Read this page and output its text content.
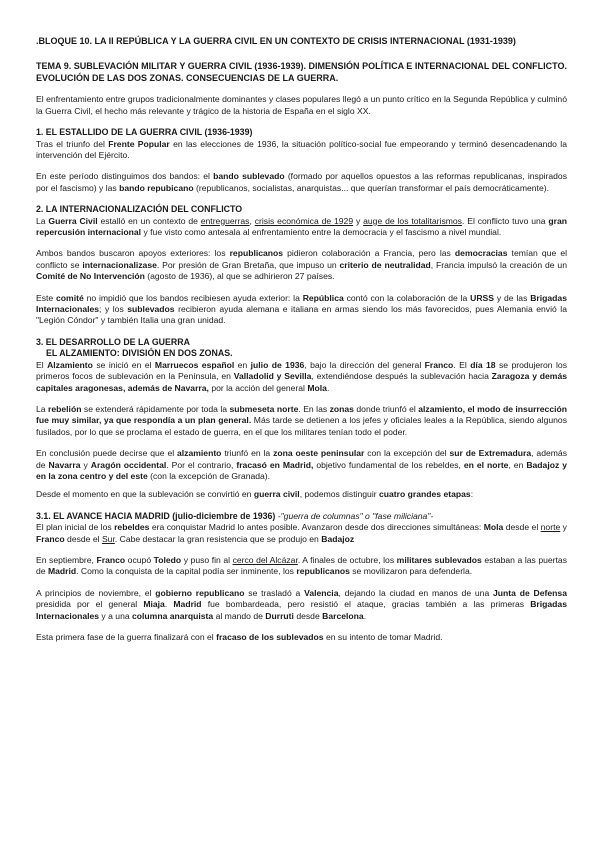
.BLOQUE 10. LA II REPÚBLICA Y LA GUERRA CIVIL EN UN CONTEXTO DE CRISIS INTERNACIONAL (1931-1939)

TEMA 9. SUBLEVACIÓN MILITAR Y GUERRA CIVIL (1936-1939). DIMENSIÓN POLÍTICA E INTERNACIONAL DEL CONFLICTO. EVOLUCIÓN DE LAS DOS ZONAS. CONSECUENCIAS DE LA GUERRA.

El enfrentamiento entre grupos tradicionalmente dominantes y clases populares llegó a un punto crítico en la Segunda República y culminó la Guerra Civil, el hecho más relevante y trágico de la historia de España en el siglo XX.

1. EL ESTALLIDO DE LA GUERRA CIVIL (1936-1939)

Tras el triunfo del Frente Popular en las elecciones de 1936, la situación político-social fue empeorando y terminó desencadenando la intervención del Ejército.

En este período distinguimos dos bandos: el bando sublevado (formado por aquellos opuestos a las reformas republicanas, inspirados por el fascismo) y las bando repubicano (republicanos, socialistas, anarquistas... que querían transformar el país democráticamente).

2. LA INTERNACIONALIZACIÓN DEL CONFLICTO

La Guerra Civil estalló en un contexto de entreguerras, crisis económica de 1929 y auge de los totalitarismos. El conflicto tuvo una gran repercusión internacional y fue visto como antesala al enfrentamiento entre la democracia y el fascismo a nivel mundial.

Ambos bandos buscaron apoyos exteriores: los republicanos pidieron colaboración a Francia, pero las democracias temían que el conflicto se internacionalizase. Por presión de Gran Bretaña, que impuso un criterio de neutralidad, Francia impulsó la creación de un Comité de No Intervención (agosto de 1936), al que se adhirieron 27 países.

Este comité no impidió que los bandos recibiesen ayuda exterior: la República contó con la colaboración de la URSS y de las Brigadas Internacionales; y los sublevados recibieron ayuda alemana e italiana en armas siendo los más favorecidos, pues Alemania envió la "Legión Cóndor" y también Italia una gran unidad.

3. EL DESARROLLO DE LA GUERRA

EL ALZAMIENTO: DIVISIÓN EN DOS ZONAS.

El Alzamiento se inició en el Marruecos español en julio de 1936, bajo la dirección del general Franco. El día 18 se produjeron los primeros focos de sublevación en la Península, en Valladolid y Sevilla, extendiéndose después la sublevación hacia Zaragoza y demás capitales aragonesas, además de Navarra, por la acción del general Mola.

La rebelión se extenderá rápidamente por toda la submeseta norte. En las zonas donde triunfó el alzamiento, el modo de insurrección fue muy similar, ya que respondía a un plan general. Más tarde se detienen a los jefes y oficiales leales a la República, siendo algunos fusilados, por lo que se proclama el estado de guerra, en el que los militares tenían todo el poder.

En conclusión puede decirse que el alzamiento triunfó en la zona oeste peninsular con la excepción del sur de Extremadura, además de Navarra y Aragón occidental. Por el contrario, fracasó en Madrid, objetivo fundamental de los rebeldes, en el norte, en Badajoz y en la zona centro y del este (con la excepción de Granada).

Desde el momento en que la sublevación se convirtió en guerra civil, podemos distinguir cuatro grandes etapas:

3.1. EL AVANCE HACIA MADRID (julio-diciembre de 1936) -"guerra de columnas" o "fase miliciana"-

El plan inicial de los rebeldes era conquistar Madrid lo antes posible. Avanzaron desde dos direcciones simultáneas: Mola desde el norte y Franco desde el Sur. Cabe destacar la gran resistencia que se produjo en Badajoz

En septiembre, Franco ocupó Toledo y puso fin al cerco del Alcázar. A finales de octubre, los militares sublevados estaban a las puertas de Madrid. Como la conquista de la capital podía ser inminente, los republicanos se movilizaron para defenderla.

A principios de noviembre, el gobierno republicano se trasladó a Valencia, dejando la ciudad en manos de una Junta de Defensa presidida por el general Miaja. Madrid fue bombardeada, pero resistió el ataque, gracias también a las primeras Brigadas Internacionales y a una columna anarquista al mando de Durruti desde Barcelona.

Esta primera fase de la guerra finalizará con el fracaso de los sublevados en su intento de tomar Madrid.
